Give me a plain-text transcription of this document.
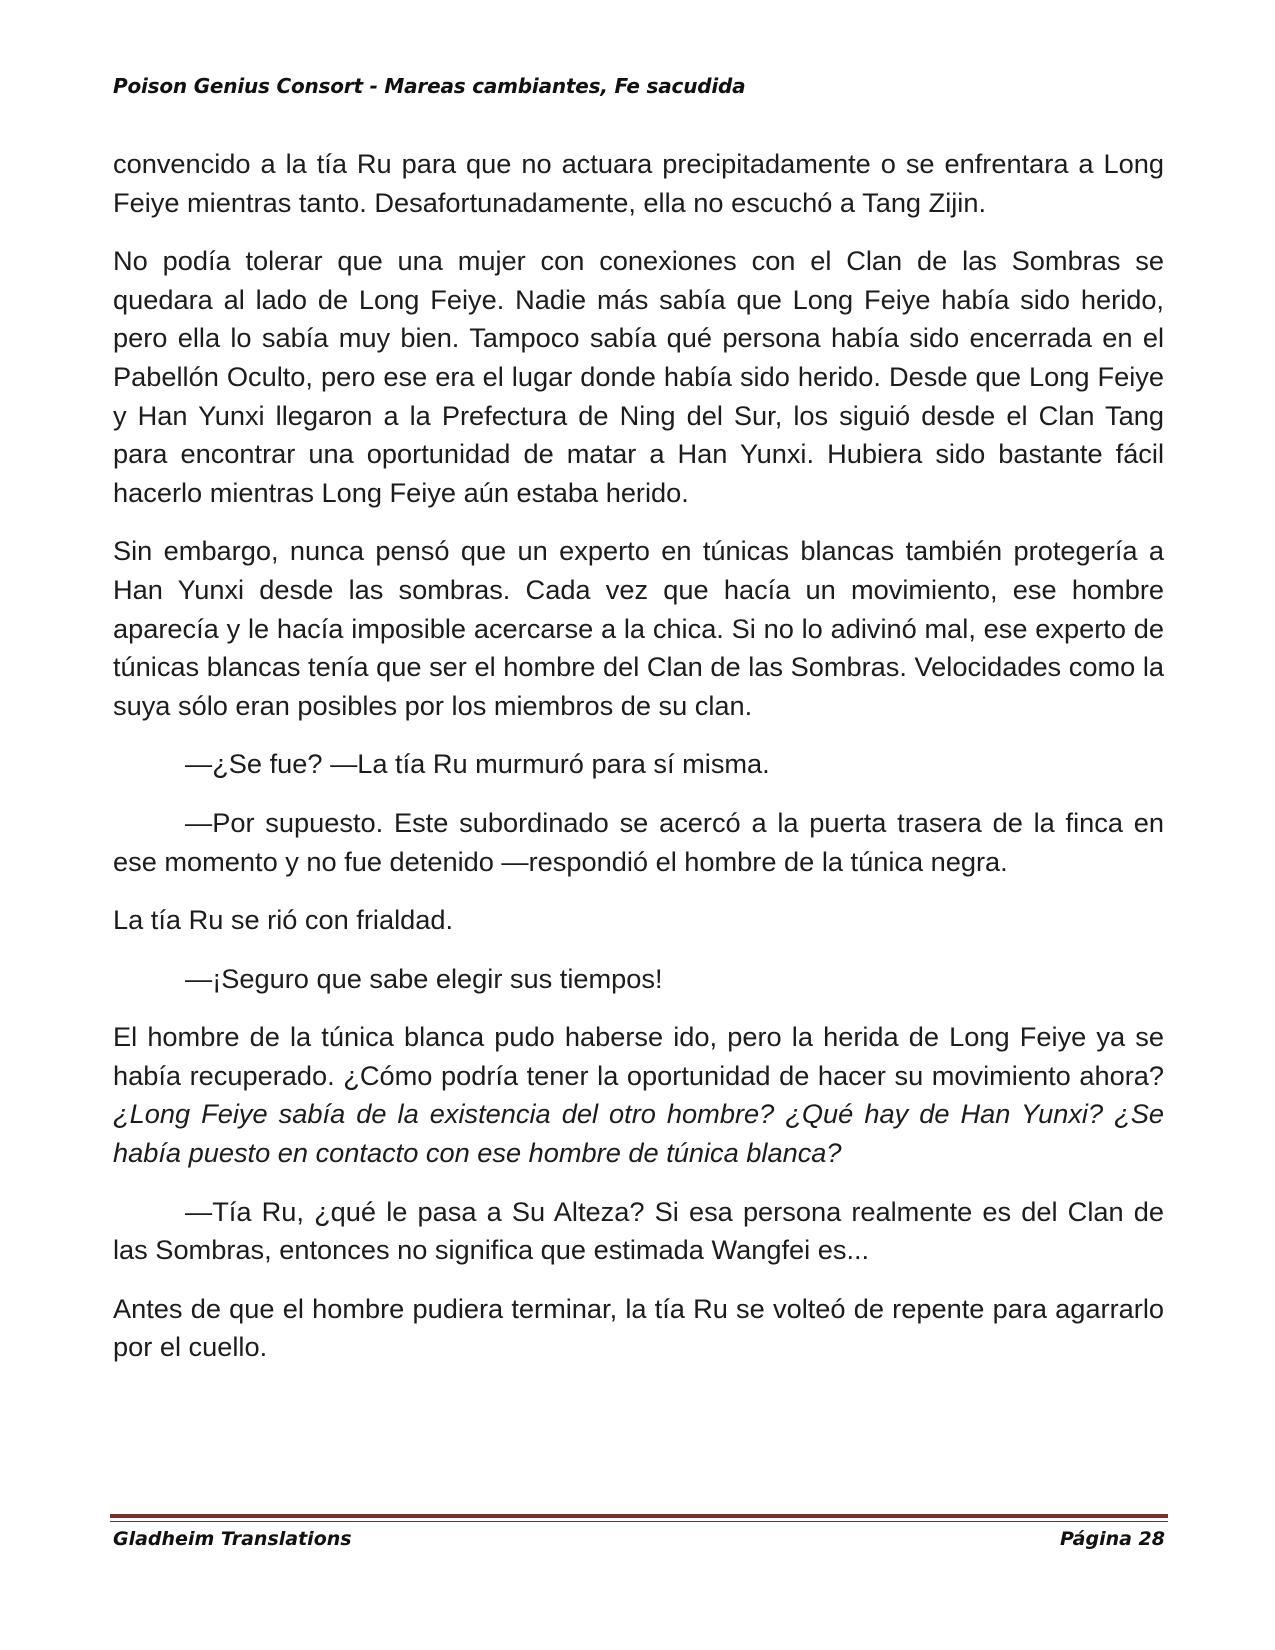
Poison Genius Consort - Mareas cambiantes, Fe sacudida

convencido a la tía Ru para que no actuara precipitadamente o se enfrentara a Long Feiye mientras tanto. Desafortunadamente, ella no escuchó a Tang Zijin.

No podía tolerar que una mujer con conexiones con el Clan de las Sombras se quedara al lado de Long Feiye. Nadie más sabía que Long Feiye había sido herido, pero ella lo sabía muy bien. Tampoco sabía qué persona había sido encerrada en el Pabellón Oculto, pero ese era el lugar donde había sido herido. Desde que Long Feiye y Han Yunxi llegaron a la Prefectura de Ning del Sur, los siguió desde el Clan Tang para encontrar una oportunidad de matar a Han Yunxi. Hubiera sido bastante fácil hacerlo mientras Long Feiye aún estaba herido.

Sin embargo, nunca pensó que un experto en túnicas blancas también protegería a Han Yunxi desde las sombras. Cada vez que hacía un movimiento, ese hombre aparecía y le hacía imposible acercarse a la chica. Si no lo adivinó mal, ese experto de túnicas blancas tenía que ser el hombre del Clan de las Sombras. Velocidades como la suya sólo eran posibles por los miembros de su clan.

—¿Se fue? —La tía Ru murmuró para sí misma.

—Por supuesto. Este subordinado se acercó a la puerta trasera de la finca en ese momento y no fue detenido —respondió el hombre de la túnica negra.

La tía Ru se rió con frialdad.

—¡Seguro que sabe elegir sus tiempos!

El hombre de la túnica blanca pudo haberse ido, pero la herida de Long Feiye ya se había recuperado. ¿Cómo podría tener la oportunidad de hacer su movimiento ahora? ¿Long Feiye sabía de la existencia del otro hombre? ¿Qué hay de Han Yunxi? ¿Se había puesto en contacto con ese hombre de túnica blanca?

—Tía Ru, ¿qué le pasa a Su Alteza? Si esa persona realmente es del Clan de las Sombras, entonces no significa que estimada Wangfei es...

Antes de que el hombre pudiera terminar, la tía Ru se volteó de repente para agarrarlo por el cuello.

Gladheim Translations	Página 28
